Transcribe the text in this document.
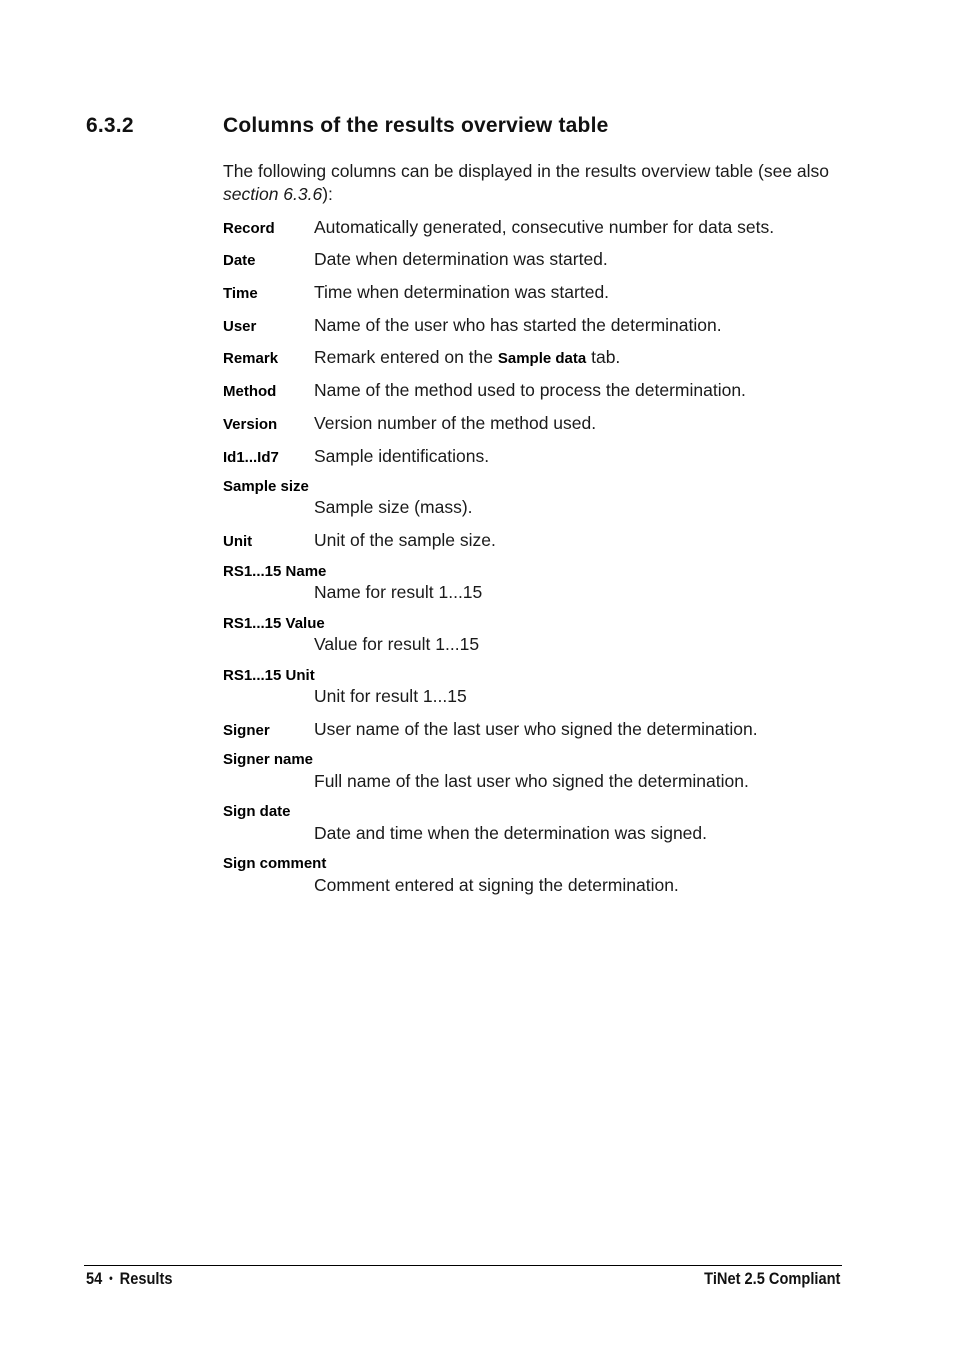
6.3.2	Columns of the results overview table
The following columns can be displayed in the results overview table (see also section 6.3.6):
Record Automatically generated, consecutive number for data sets.
Date	Date when determination was started.
Time	Time when determination was started.
User	Name of the user who has started the determination.
Remark Remark entered on the Sample data tab.
Method Name of the method used to process the determination.
Version Version number of the method used.
Id1...Id7 Sample identifications.
Sample size
Sample size (mass).
Unit	Unit of the sample size.
RS1...15 Name
Name for result 1...15
RS1...15 Value
Value for result 1...15
RS1...15 Unit
Unit for result 1...15
Signer	User name of the last user who signed the determination.
Signer name
Full name of the last user who signed the determination.
Sign date
Date and time when the determination was signed.
Sign comment
Comment entered at signing the determination.
54 • Results	TiNet 2.5 Compliant
